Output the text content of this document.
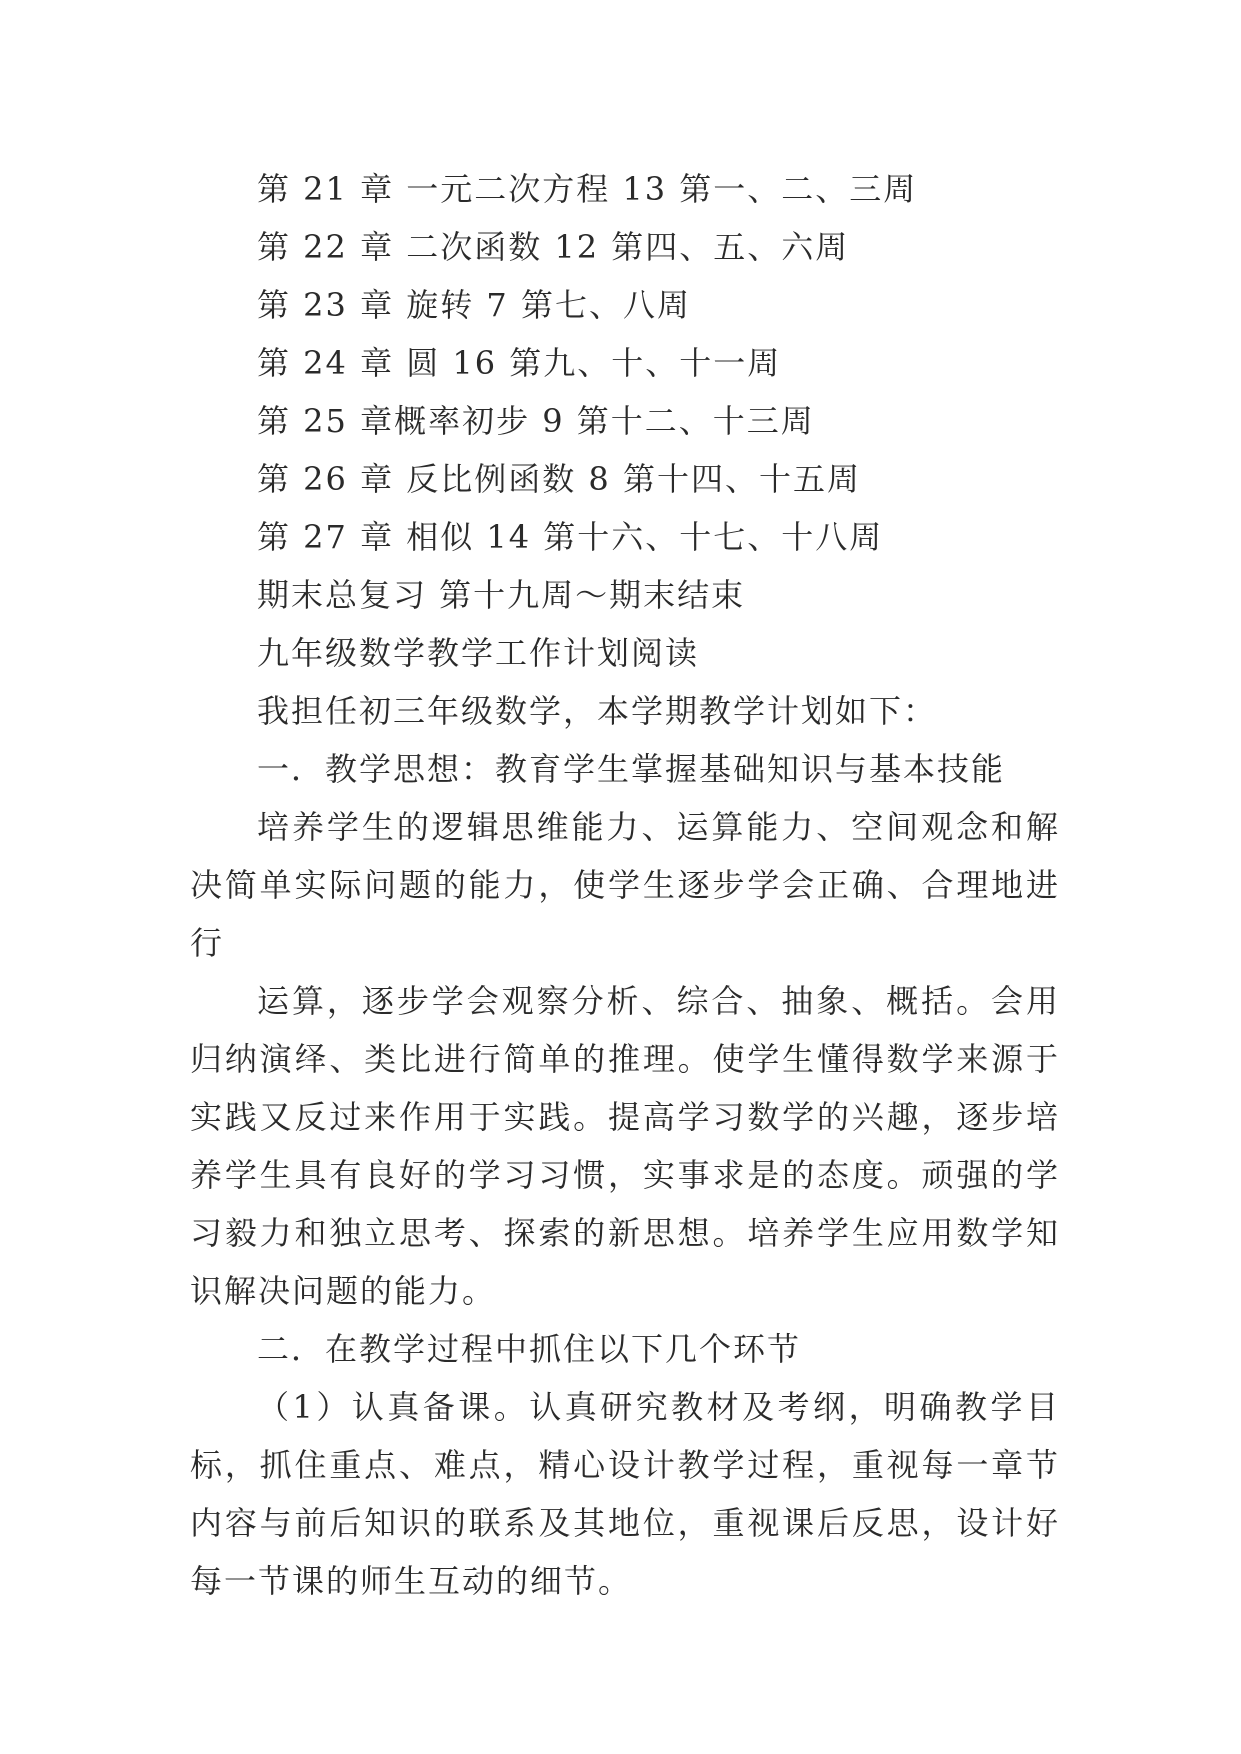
第 21 章 一元二次方程 13 第一、二、三周
第 22 章 二次函数 12 第四、五、六周
第 23 章 旋转 7 第七、八周
第 24 章 圆 16 第九、十、十一周
第 25 章概率初步 9 第十二、十三周
第 26 章 反比例函数 8 第十四、十五周
第 27 章 相似 14 第十六、十七、十八周
期末总复习 第十九周～期末结束
九年级数学教学工作计划阅读
我担任初三年级数学，本学期教学计划如下：
一．教学思想：教育学生掌握基础知识与基本技能

培养学生的逻辑思维能力、运算能力、空间观念和解决简单实际问题的能力，使学生逐步学会正确、合理地进行

运算，逐步学会观察分析、综合、抽象、概括。会用归纳演绎、类比进行简单的推理。使学生懂得数学来源于实践又反过来作用于实践。提高学习数学的兴趣，逐步培养学生具有良好的学习习惯，实事求是的态度。顽强的学习毅力和独立思考、探索的新思想。培养学生应用数学知识解决问题的能力。

二．在教学过程中抓住以下几个环节

（1）认真备课。认真研究教材及考纲，明确教学目标，抓住重点、难点，精心设计教学过程，重视每一章节内容与前后知识的联系及其地位，重视课后反思，设计好每一节课的师生互动的细节。
